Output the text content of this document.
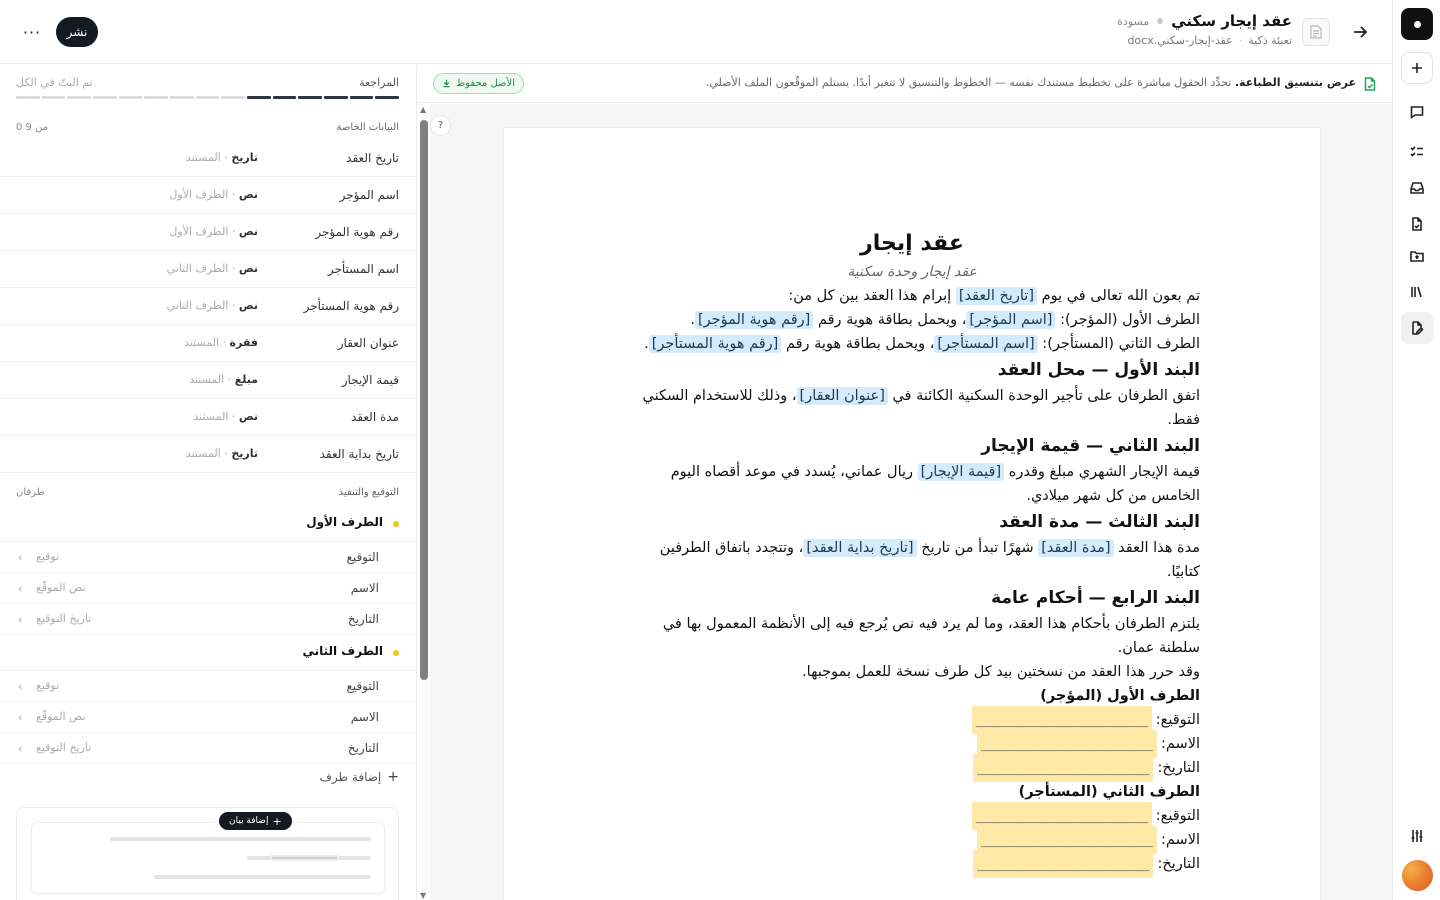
عقد إيجار سكني
مسودة
تعبئة ذكية
·
عقد-إيجار-سكني.docx
نشر
···
عرض بتنسيق الطباعة. تحدِّد الحقول مباشرة على تخطيط مستندك نفسه — الخطوط والتنسيق لا تتغير أبدًا. يستلم الموقّعون الملف الأصلي.
الأصل محفوظ
المراجعة
تم البتّ في الكل
البيانات الخاصة
0 من 9
تاريخ العقد
تاريخ · المستند
اسم المؤجر
نص · الطرف الأول
رقم هوية المؤجر
نص · الطرف الأول
اسم المستأجر
نص · الطرف الثاني
رقم هوية المستأجر
نص · الطرف الثاني
عنوان العقار
فقرة · المستند
قيمة الإيجار
مبلغ · المستند
مدة العقد
نص · المستند
تاريخ بداية العقد
تاريخ · المستند
التوقيع والتنفيذ
طرفان
الطرف الأول
التوقيع
توقيع
‹
الاسم
نص الموقّع
‹
التاريخ
تاريخ التوقيع
‹
الطرف الثاني
التوقيع
توقيع
‹
الاسم
نص الموقّع
‹
التاريخ
تاريخ التوقيع
‹
+
إضافة طرف
+
إضافة بيان
عقد إيجار
عقد إيجار وحدة سكنية

تم بعون الله تعالى في يوم [تاريخ العقد] إبرام هذا العقد بين كل من:

الطرف الأول (المؤجر): [اسم المؤجر]، ويحمل بطاقة هوية رقم [رقم هوية المؤجر].

الطرف الثاني (المستأجر): [اسم المستأجر]، ويحمل بطاقة هوية رقم [رقم هوية المستأجر].

البند الأول — محل العقد

اتفق الطرفان على تأجير الوحدة السكنية الكائنة في [عنوان العقار]، وذلك للاستخدام السكني فقط.

البند الثاني — قيمة الإيجار

قيمة الإيجار الشهري مبلغ وقدره [قيمة الإيجار] ريال عماني، يُسدد في موعد أقصاه اليوم الخامس من كل شهر ميلادي.

البند الثالث — مدة العقد

مدة هذا العقد [مدة العقد] شهرًا تبدأ من تاريخ [تاريخ بداية العقد]، وتتجدد باتفاق الطرفين كتابيًا.

البند الرابع — أحكام عامة

يلتزم الطرفان بأحكام هذا العقد، وما لم يرد فيه نص يُرجع فيه إلى الأنظمة المعمول بها في سلطنة عمان.

وقد حرر هذا العقد من نسختين بيد كل طرف نسخة للعمل بموجبها.

الطرف الأول (المؤجر)
التوقيع:
______________________
الاسم:
______________________
التاريخ:
______________________
الطرف الثاني (المستأجر)
التوقيع:
______________________
الاسم:
______________________
التاريخ:
______________________
?
▲
▼
